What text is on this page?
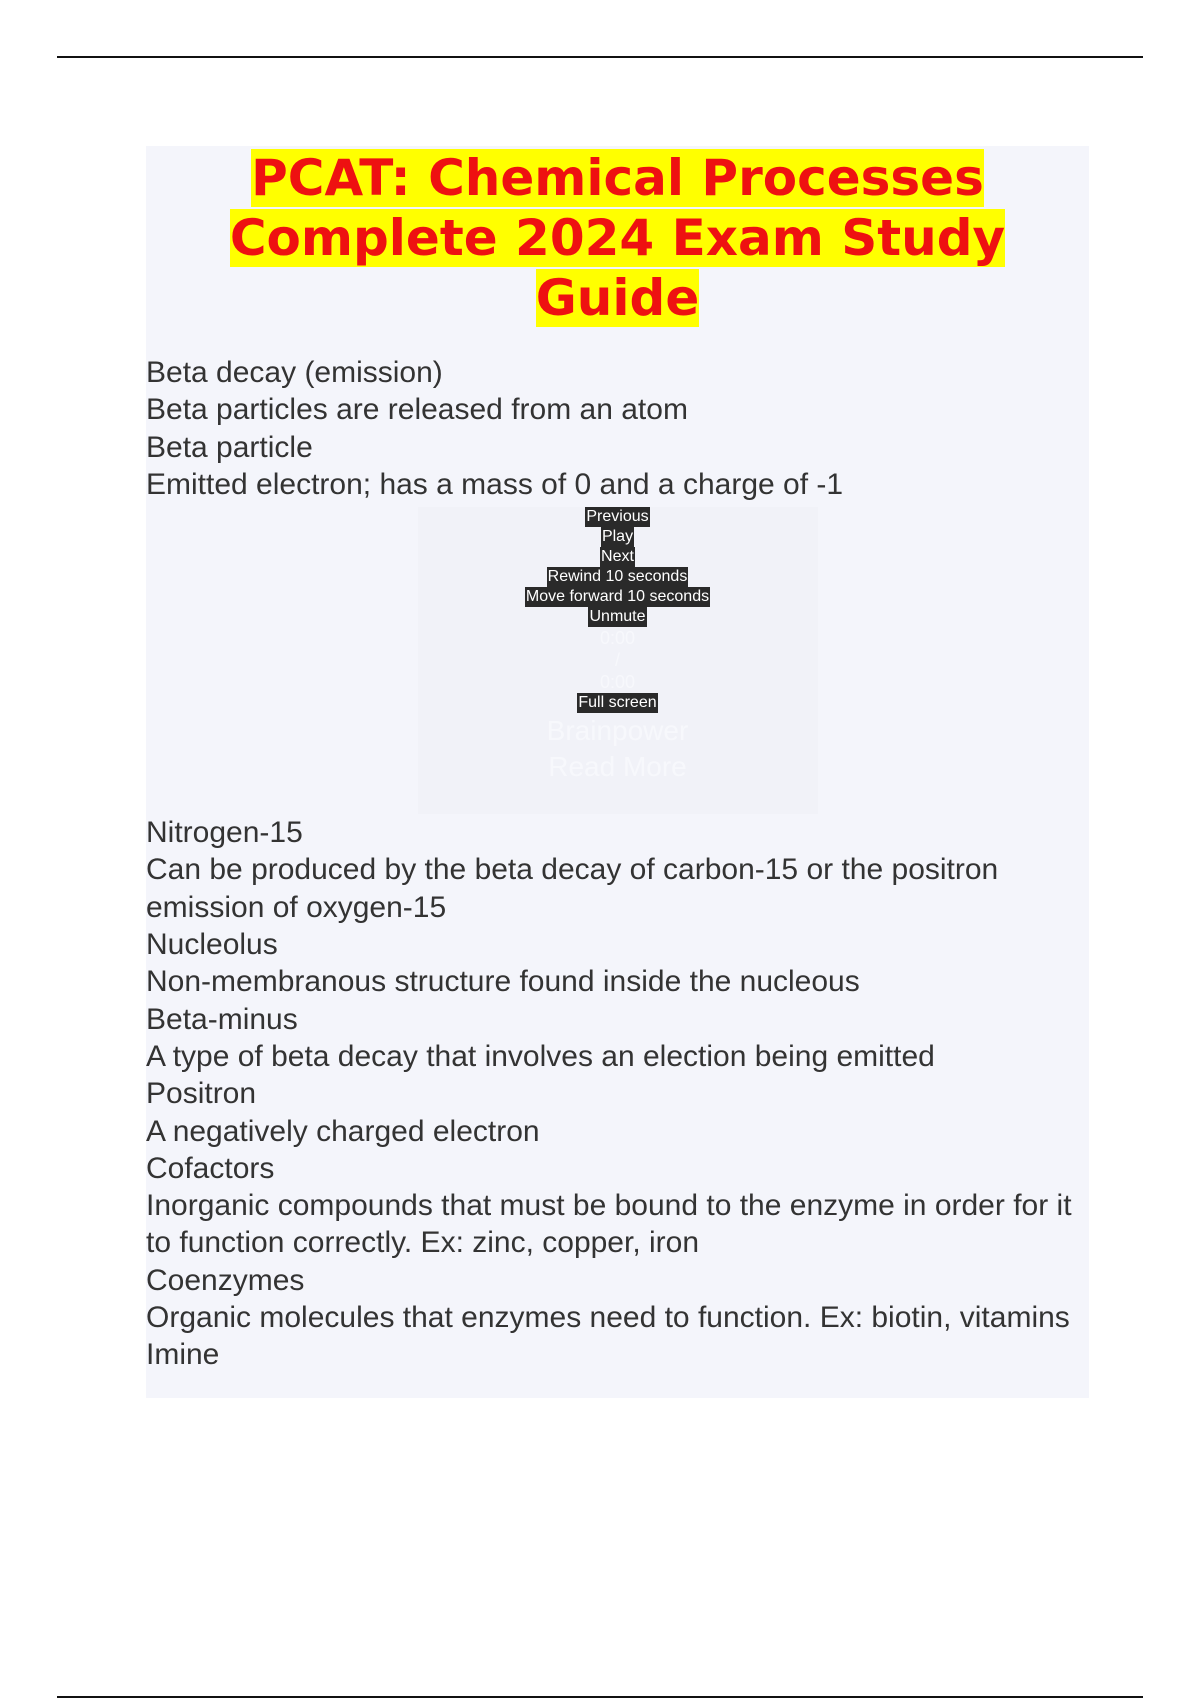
PCAT: Chemical Processes
Complete 2024 Exam Study
Guide

Beta decay (emission)

Beta particles are released from an atom

Beta particle

Emitted electron; has a mass of 0 and a charge of -1

Previous
Play
Next
Rewind 10 seconds
Move forward 10 seconds
Unmute

0:00

/

0:00

Full screen

Brainpower

Read More

Nitrogen-15

Can be produced by the beta decay of carbon-15 or the positron emission of oxygen-15

Nucleolus

Non-membranous structure found inside the nucleous

Beta-minus

A type of beta decay that involves an election being emitted

Positron

A negatively charged electron

Cofactors

Inorganic compounds that must be bound to the enzyme in order for it to function correctly. Ex: zinc, copper, iron

Coenzymes

Organic molecules that enzymes need to function. Ex: biotin, vitamins

Imine
